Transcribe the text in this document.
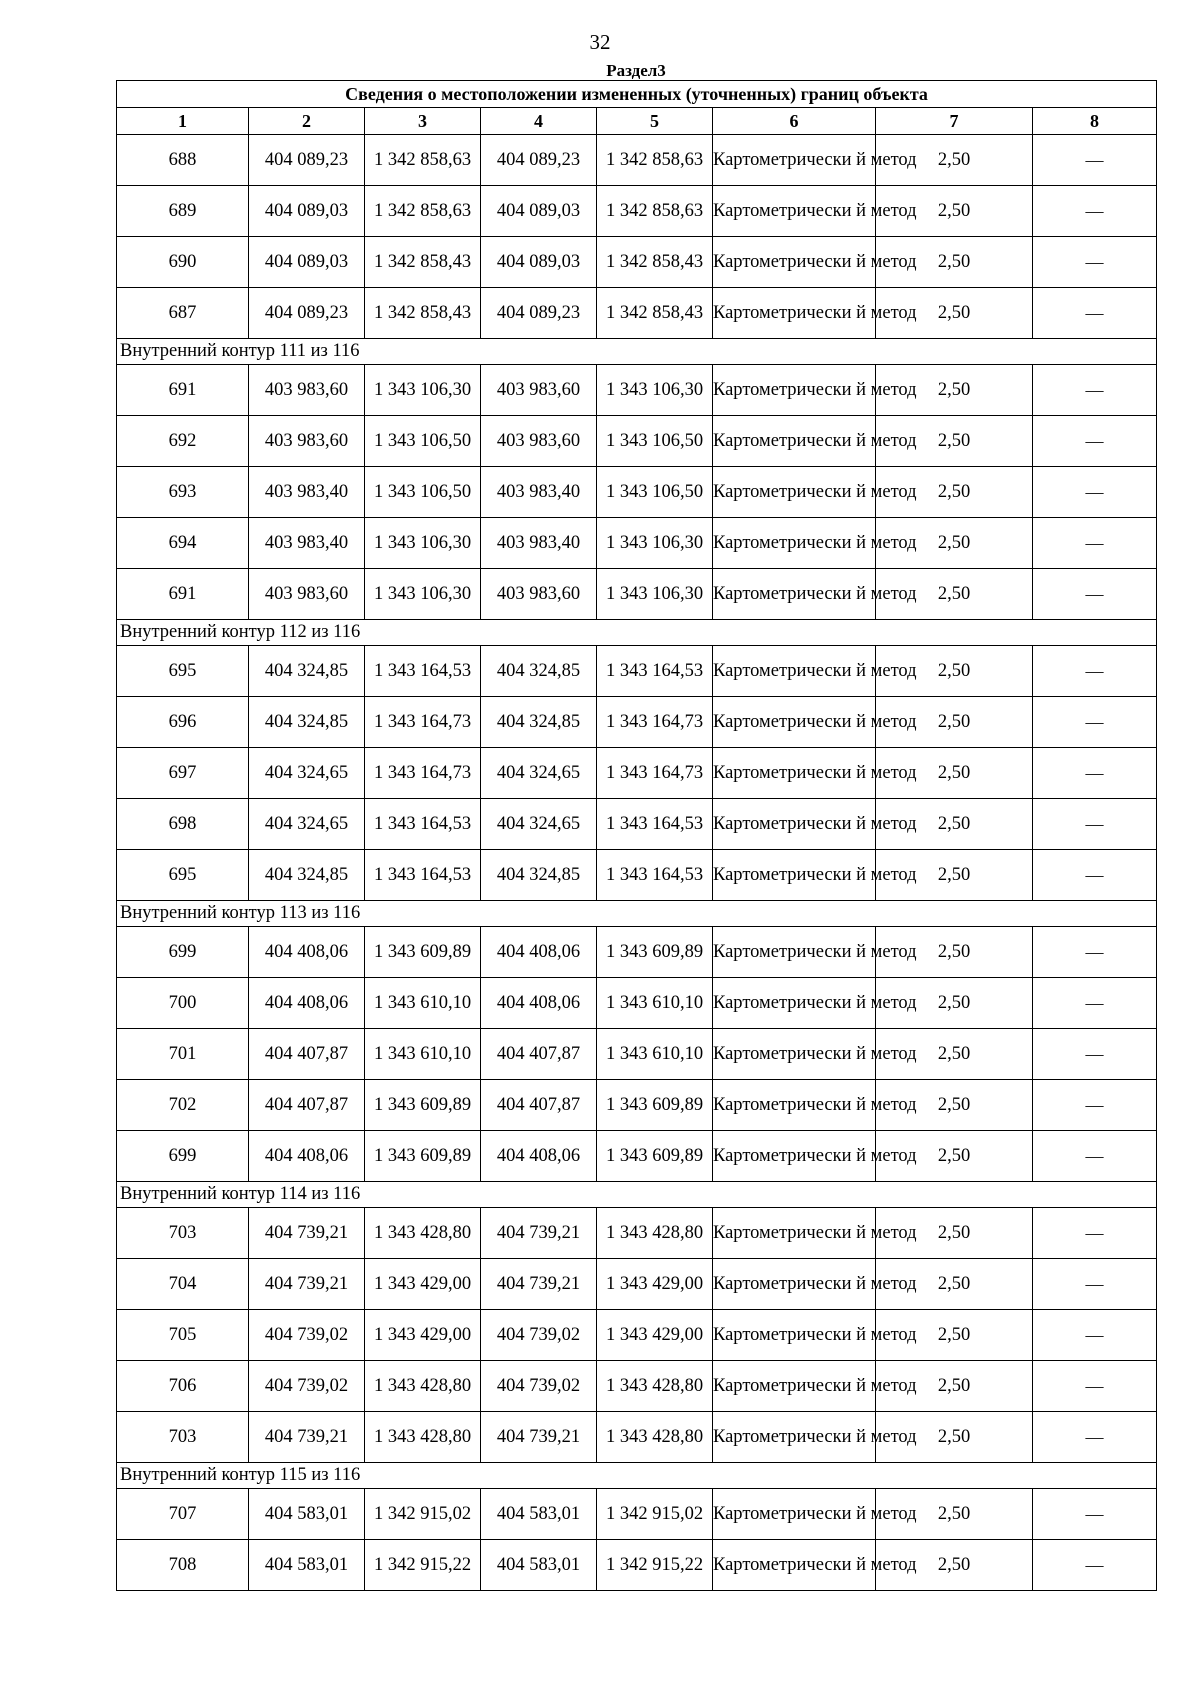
32
Раздел3
Сведения о местоположении измененных (уточненных) границ объекта							
1	2	3	4	5	6	7	8
688	404 089,23	1 342 858,63	404 089,23	1 342 858,63	Картометрически й метод	2,50	—
689	404 089,03	1 342 858,63	404 089,03	1 342 858,63	Картометрически й метод	2,50	—
690	404 089,03	1 342 858,43	404 089,03	1 342 858,43	Картометрически й метод	2,50	—
687	404 089,23	1 342 858,43	404 089,23	1 342 858,43	Картометрически й метод	2,50	—
Внутренний контур 111 из 116							
691	403 983,60	1 343 106,30	403 983,60	1 343 106,30	Картометрически й метод	2,50	—
692	403 983,60	1 343 106,50	403 983,60	1 343 106,50	Картометрически й метод	2,50	—
693	403 983,40	1 343 106,50	403 983,40	1 343 106,50	Картометрически й метод	2,50	—
694	403 983,40	1 343 106,30	403 983,40	1 343 106,30	Картометрически й метод	2,50	—
691	403 983,60	1 343 106,30	403 983,60	1 343 106,30	Картометрически й метод	2,50	—
Внутренний контур 112 из 116							
695	404 324,85	1 343 164,53	404 324,85	1 343 164,53	Картометрически й метод	2,50	—
696	404 324,85	1 343 164,73	404 324,85	1 343 164,73	Картометрически й метод	2,50	—
697	404 324,65	1 343 164,73	404 324,65	1 343 164,73	Картометрически й метод	2,50	—
698	404 324,65	1 343 164,53	404 324,65	1 343 164,53	Картометрически й метод	2,50	—
695	404 324,85	1 343 164,53	404 324,85	1 343 164,53	Картометрически й метод	2,50	—
Внутренний контур 113 из 116							
699	404 408,06	1 343 609,89	404 408,06	1 343 609,89	Картометрически й метод	2,50	—
700	404 408,06	1 343 610,10	404 408,06	1 343 610,10	Картометрически й метод	2,50	—
701	404 407,87	1 343 610,10	404 407,87	1 343 610,10	Картометрически й метод	2,50	—
702	404 407,87	1 343 609,89	404 407,87	1 343 609,89	Картометрически й метод	2,50	—
699	404 408,06	1 343 609,89	404 408,06	1 343 609,89	Картометрически й метод	2,50	—
Внутренний контур 114 из 116							
703	404 739,21	1 343 428,80	404 739,21	1 343 428,80	Картометрически й метод	2,50	—
704	404 739,21	1 343 429,00	404 739,21	1 343 429,00	Картометрически й метод	2,50	—
705	404 739,02	1 343 429,00	404 739,02	1 343 429,00	Картометрически й метод	2,50	—
706	404 739,02	1 343 428,80	404 739,02	1 343 428,80	Картометрически й метод	2,50	—
703	404 739,21	1 343 428,80	404 739,21	1 343 428,80	Картометрически й метод	2,50	—
Внутренний контур 115 из 116							
707	404 583,01	1 342 915,02	404 583,01	1 342 915,02	Картометрически й метод	2,50	—
708	404 583,01	1 342 915,22	404 583,01	1 342 915,22	Картометрически й метод	2,50	—
